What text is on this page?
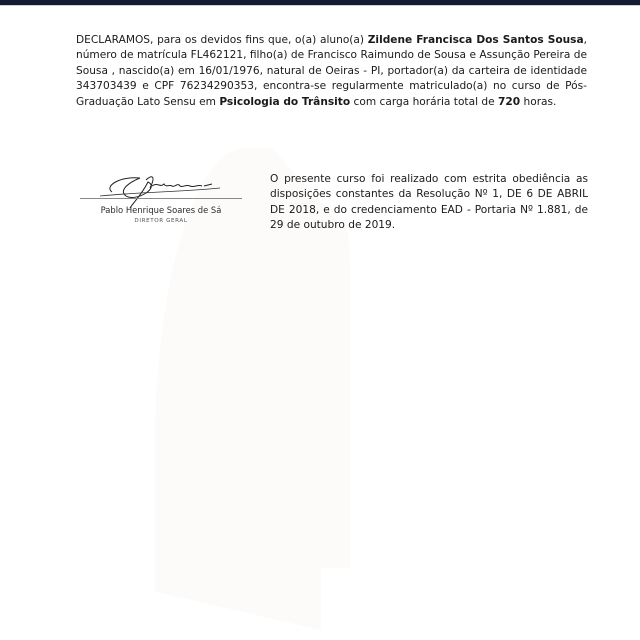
DECLARAMOS, para os devidos fins que, o(a) aluno(a) Zildene Francisca Dos Santos Sousa, número de matrícula FL462121, filho(a) de Francisco Raimundo de Sousa e Assunção Pereira de Sousa , nascido(a) em 16/01/1976, natural de Oeiras - PI, portador(a) da carteira de identidade 343703439 e CPF 76234290353, encontra-se regularmente matriculado(a) no curso de Pós-Graduação Lato Sensu em Psicologia do Trânsito com carga horária total de 720 horas.

Pablo Henrique Soares de Sá
DIRETOR GERAL

O presente curso foi realizado com estrita obediência as disposições constantes da Resolução Nº 1, DE 6 DE ABRIL DE 2018, e do credenciamento EAD - Portaria Nº 1.881, de 29 de outubro de 2019.
